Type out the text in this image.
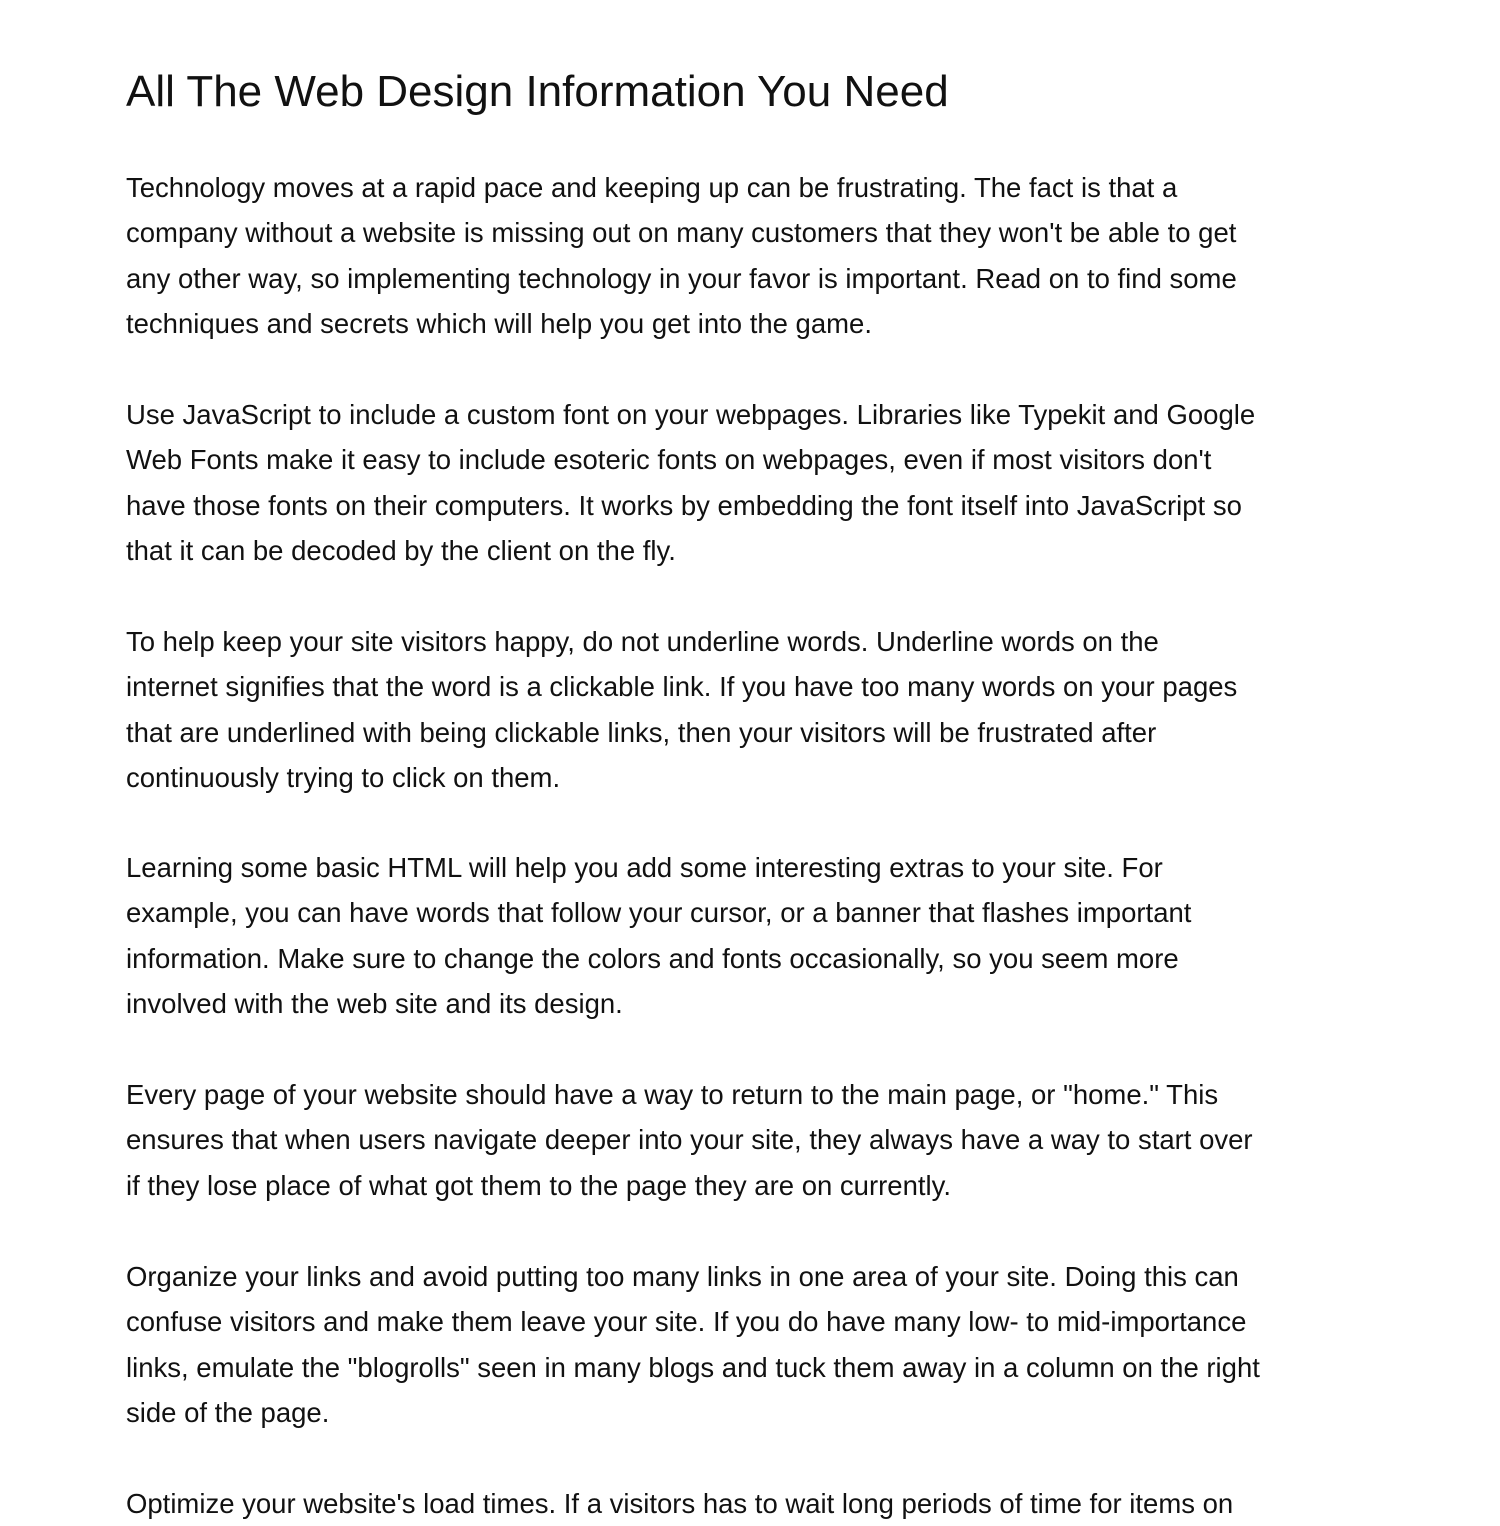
All The Web Design Information You Need

Technology moves at a rapid pace and keeping up can be frustrating. The fact is that a
company without a website is missing out on many customers that they won't be able to get
any other way, so implementing technology in your favor is important. Read on to find some
techniques and secrets which will help you get into the game.

Use JavaScript to include a custom font on your webpages. Libraries like Typekit and Google
Web Fonts make it easy to include esoteric fonts on webpages, even if most visitors don't
have those fonts on their computers. It works by embedding the font itself into JavaScript so
that it can be decoded by the client on the fly.

To help keep your site visitors happy, do not underline words. Underline words on the
internet signifies that the word is a clickable link. If you have too many words on your pages
that are underlined with being clickable links, then your visitors will be frustrated after
continuously trying to click on them.

Learning some basic HTML will help you add some interesting extras to your site. For
example, you can have words that follow your cursor, or a banner that flashes important
information. Make sure to change the colors and fonts occasionally, so you seem more
involved with the web site and its design.

Every page of your website should have a way to return to the main page, or "home." This
ensures that when users navigate deeper into your site, they always have a way to start over
if they lose place of what got them to the page they are on currently.

Organize your links and avoid putting too many links in one area of your site. Doing this can
confuse visitors and make them leave your site. If you do have many low- to mid-importance
links, emulate the "blogrolls" seen in many blogs and tuck them away in a column on the right
side of the page.

Optimize your website's load times. If a visitors has to wait long periods of time for items on
